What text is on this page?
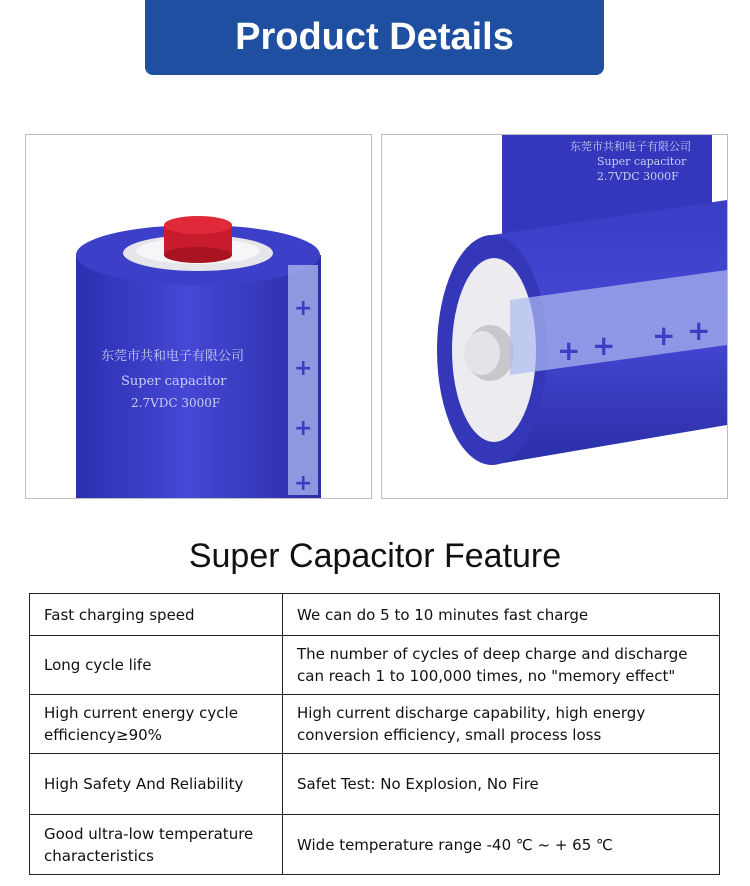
Product Details
+
+
+
+
东莞市共和电子有限公司
Super capacitor
2.7VDC 3000F
东莞市共和电子有限公司
Super capacitor
2.7VDC 3000F
+ + + +
Super Capacitor Feature
Fast charging speed	We can do 5 to 10 minutes fast charge
Long cycle life	The number of cycles of deep charge and discharge can reach 1 to 100,000 times, no "memory effect"
High current energy cycle efficiency≥90%	High current discharge capability, high energy conversion efficiency, small process loss
High Safety And Reliability	Safet Test: No Explosion, No Fire
Good ultra-low temperature characteristics	Wide temperature range -40 ℃ ~ + 65 ℃
